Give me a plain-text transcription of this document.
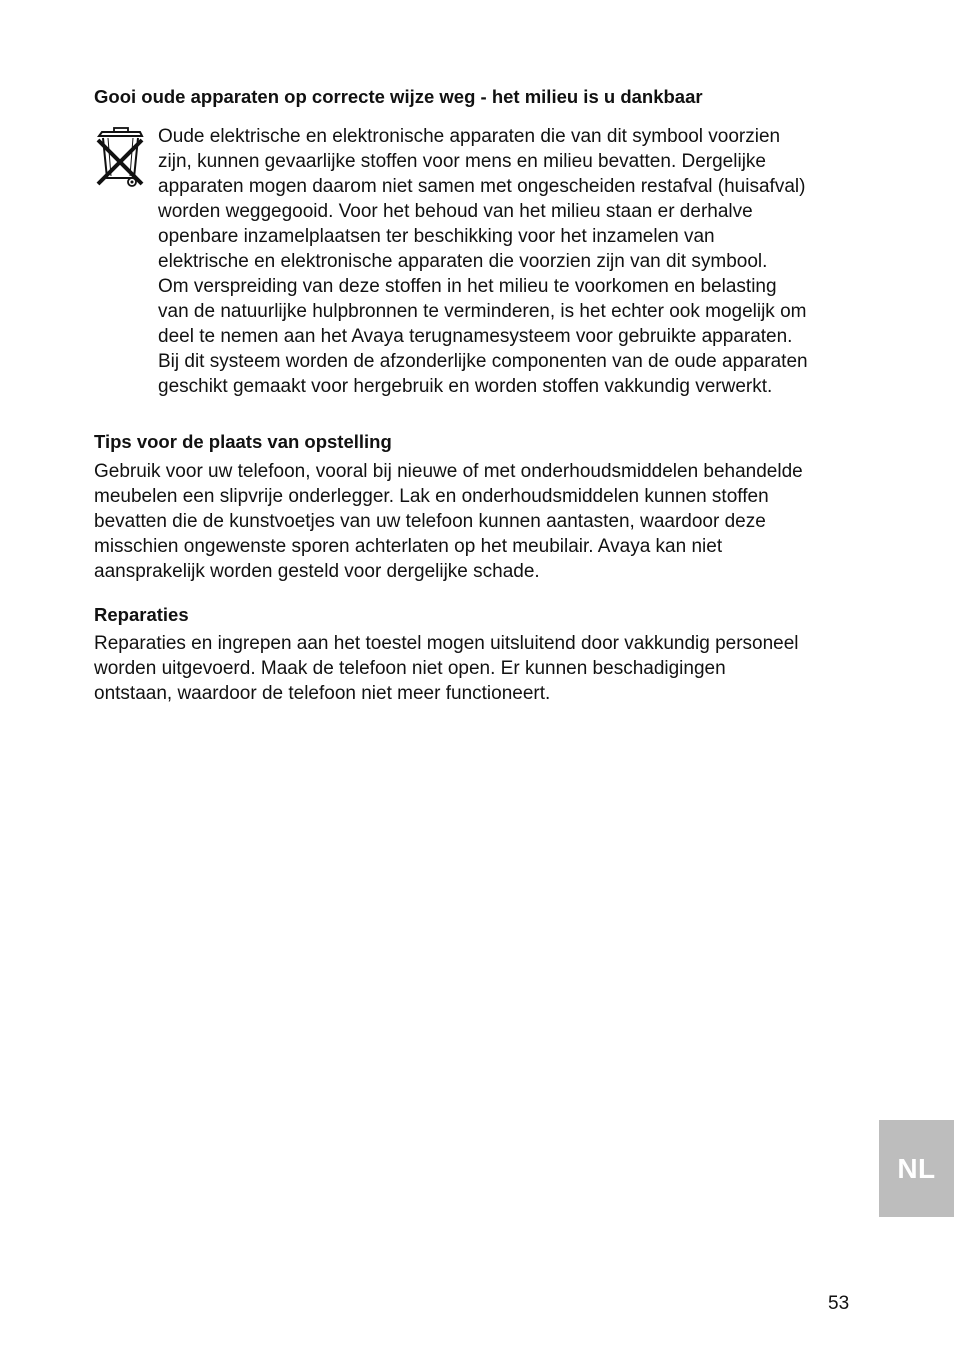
Gooi oude apparaten op correcte wijze weg - het milieu is u dankbaar

Oude elektrische en elektronische apparaten die van dit symbool voorzien
zijn, kunnen gevaarlijke stoffen voor mens en milieu bevatten. Dergelijke
apparaten mogen daarom niet samen met ongescheiden restafval (huisafval)
worden weggegooid. Voor het behoud van het milieu staan er derhalve
openbare inzamelplaatsen ter beschikking voor het inzamelen van
elektrische en elektronische apparaten die voorzien zijn van dit symbool.
Om verspreiding van deze stoffen in het milieu te voorkomen en belasting
van de natuurlijke hulpbronnen te verminderen, is het echter ook mogelijk om
deel te nemen aan het Avaya terugnamesysteem voor gebruikte apparaten.
Bij dit systeem worden de afzonderlijke componenten van de oude apparaten
geschikt gemaakt voor hergebruik en worden stoffen vakkundig verwerkt.

Tips voor de plaats van opstelling

Gebruik voor uw telefoon, vooral bij nieuwe of met onderhoudsmiddelen behandelde
meubelen een slipvrije onderlegger. Lak en onderhoudsmiddelen kunnen stoffen
bevatten die de kunstvoetjes van uw telefoon kunnen aantasten, waardoor deze
misschien ongewenste sporen achterlaten op het meubilair. Avaya kan niet
aansprakelijk worden gesteld voor dergelijke schade.

Reparaties

Reparaties en ingrepen aan het toestel mogen uitsluitend door vakkundig personeel
worden uitgevoerd. Maak de telefoon niet open. Er kunnen beschadigingen
ontstaan, waardoor de telefoon niet meer functioneert.

NL
53
